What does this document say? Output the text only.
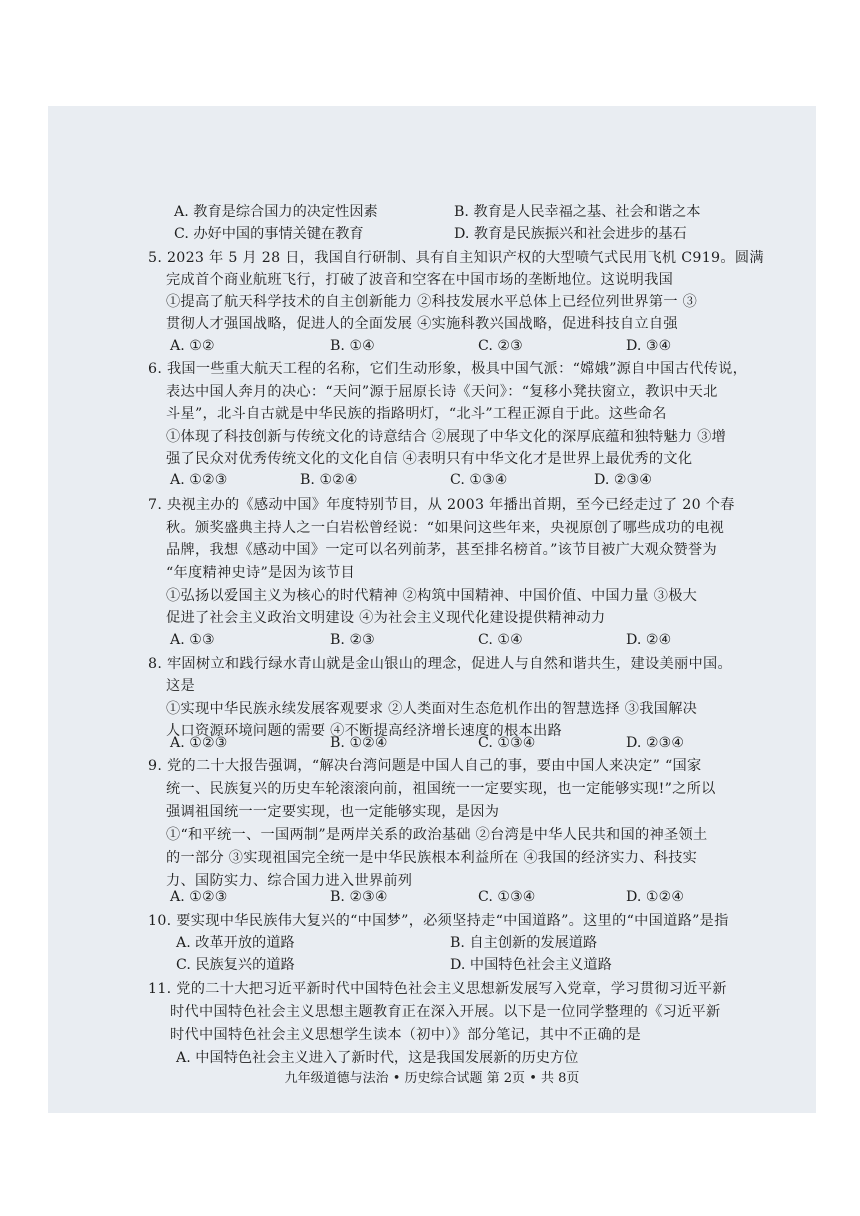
A. 教育是综合国力的决定性因素	B. 教育是人民幸福之基、社会和谐之本
C. 办好中国的事情关键在教育	D. 教育是民族振兴和社会进步的基石
5. 2023 年 5 月 28 日，我国自行研制、具有自主知识产权的大型喷气式民用飞机 C919。圆满
完成首个商业航班飞行，打破了波音和空客在中国市场的垄断地位。这说明我国
①提高了航天科学技术的自主创新能力 ②科技发展水平总体上已经位列世界第一 ③
贯彻人才强国战略，促进人的全面发展 ④实施科教兴国战略，促进科技自立自强
A. ①②	B. ①④	C. ②③	D. ③④
6. 我国一些重大航天工程的名称，它们生动形象，极具中国气派：“嫦娥”源自中国古代传说，
表达中国人奔月的决心：“天问”源于屈原长诗《天问》：“复移小凳扶窗立，教识中天北
斗星”，北斗自古就是中华民族的指路明灯，“北斗”工程正源自于此。这些命名
①体现了科技创新与传统文化的诗意结合 ②展现了中华文化的深厚底蕴和独特魅力 ③增
强了民众对优秀传统文化的文化自信 ④表明只有中华文化才是世界上最优秀的文化
A. ①②③	B. ①②④	C. ①③④	D. ②③④
7. 央视主办的《感动中国》年度特别节目，从 2003 年播出首期，至今已经走过了 20 个春
秋。颁奖盛典主持人之一白岩松曾经说：“如果问这些年来，央视原创了哪些成功的电视
品牌，我想《感动中国》一定可以名列前茅，甚至排名榜首。”该节目被广大观众赞誉为
“年度精神史诗”是因为该节目
①弘扬以爱国主义为核心的时代精神 ②构筑中国精神、中国价值、中国力量 ③极大
促进了社会主义政治文明建设 ④为社会主义现代化建设提供精神动力
A. ①③	B. ②③	C. ①④	D. ②④
8. 牢固树立和践行绿水青山就是金山银山的理念，促进人与自然和谐共生，建设美丽中国。
这是
①实现中华民族永续发展客观要求 ②人类面对生态危机作出的智慧选择 ③我国解决
人口资源环境问题的需要 ④不断提高经济增长速度的根本出路
A. ①②③	B. ①②④	C. ①③④	D. ②③④
9. 党的二十大报告强调，“解决台湾问题是中国人自己的事，要由中国人来决定” “国家
统一、民族复兴的历史车轮滚滚向前，祖国统一一定要实现，也一定能够实现!”之所以
强调祖国统一一定要实现，也一定能够实现，是因为
①“和平统一、一国两制”是两岸关系的政治基础 ②台湾是中华人民共和国的神圣领土
的一部分 ③实现祖国完全统一是中华民族根本利益所在 ④我国的经济实力、科技实
力、国防实力、综合国力进入世界前列
A. ①②③	B. ②③④	C. ①③④	D. ①②④
10. 要实现中华民族伟大复兴的“中国梦”，必须坚持走“中国道路”。这里的“中国道路”是指
A. 改革开放的道路	B. 自主创新的发展道路
C. 民族复兴的道路	D. 中国特色社会主义道路
11. 党的二十大把习近平新时代中国特色社会主义思想新发展写入党章，学习贯彻习近平新
时代中国特色社会主义思想主题教育正在深入开展。以下是一位同学整理的《习近平新
时代中国特色社会主义思想学生读本（初中）》部分笔记，其中不正确的是
A. 中国特色社会主义进入了新时代，这是我国发展新的历史方位
九年级道德与法治 • 历史综合试题 第 2页 • 共 8页
